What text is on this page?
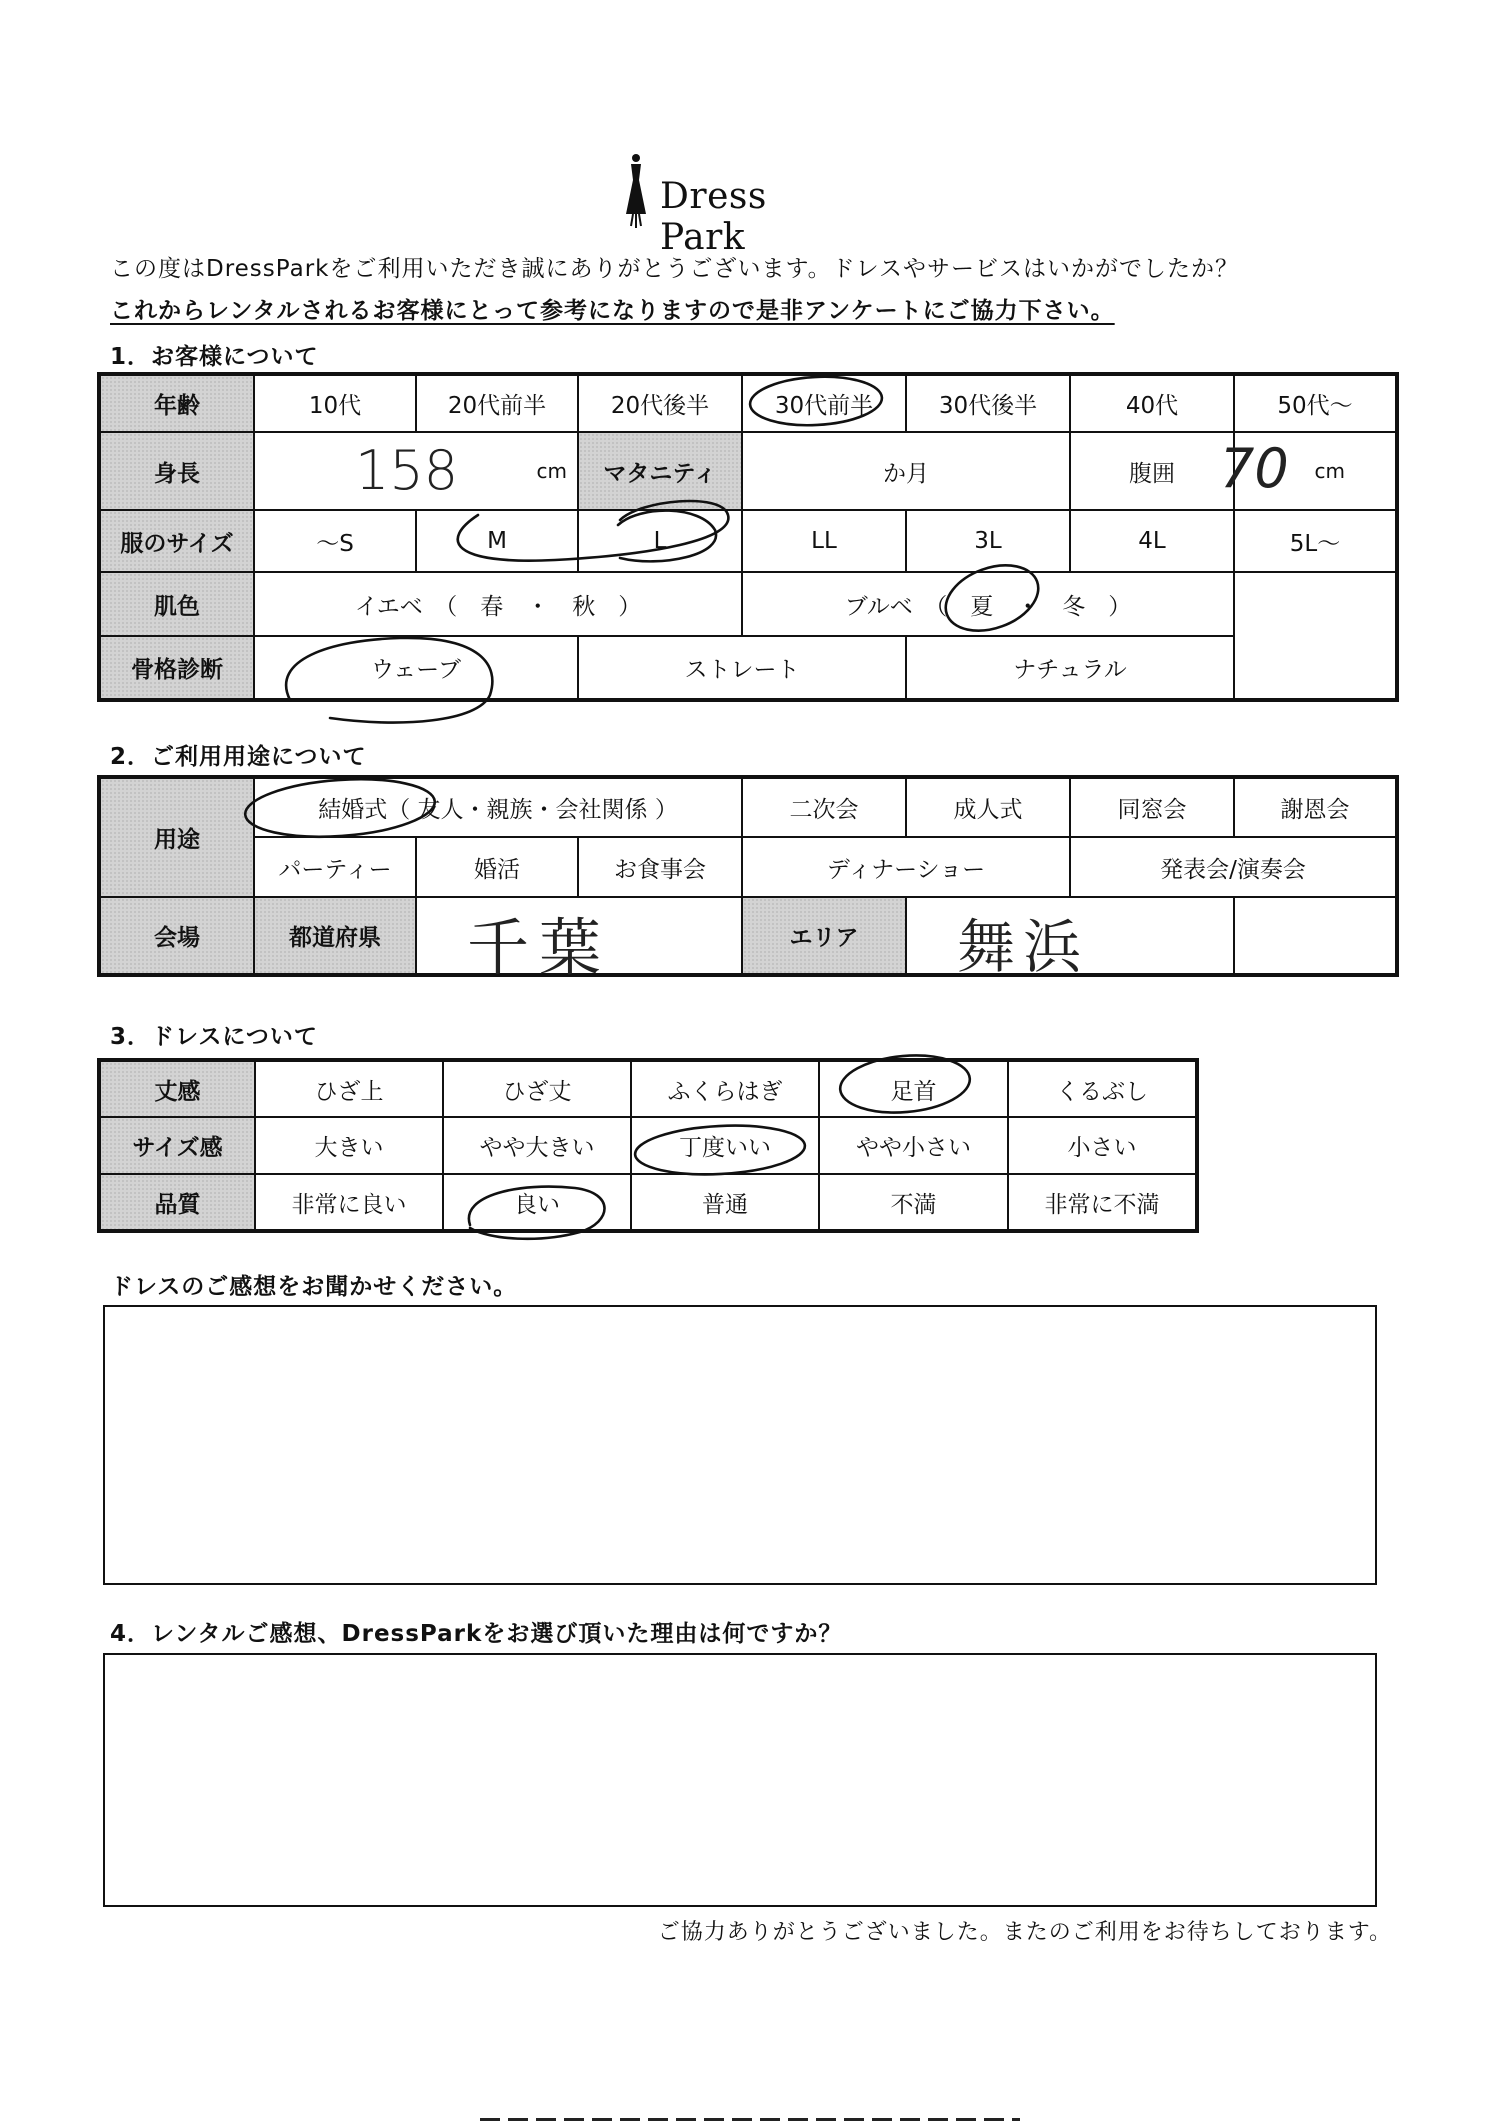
Dress Park
この度はDressParkをご利用いただき誠にありがとうございます。ドレスやサービスはいかがでしたか？
これからレンタルされるお客様にとって参考になりますので是非アンケートにご協力下さい。
1．お客様について
年齢	10代	20代前半	20代後半	30代前半	30代後半	40代	50代～
身長	158 cm		マタニティ	か月		腹囲	70 cm

服のサイズ	～S	M	L	LL	3L	4L	5L～
肌色	イエベ　（　春　・　秋　）			ブルベ　（　夏　・　冬　）			
骨格診断	ウェーブ		ストレート		ナチュラル		
2．ご利用用途について
用途	結婚式（ 友人・親族・会社関係 ）			二次会	成人式	同窓会	謝恩会
	パーティー	婚活	お食事会	ディナーショー		発表会/演奏会	
会場	都道府県	千葉		エリア	舞浜		

3．ドレスについて
丈感	ひざ上	ひざ丈	ふくらはぎ	足首	くるぶし
サイズ感	大きい	やや大きい	丁度いい	やや小さい	小さい
品質	非常に良い	良い	普通	不満	非常に不満
ドレスのご感想をお聞かせください。
4．レンタルご感想、DressParkをお選び頂いた理由は何ですか？
ご協力ありがとうございました。またのご利用をお待ちしております。
